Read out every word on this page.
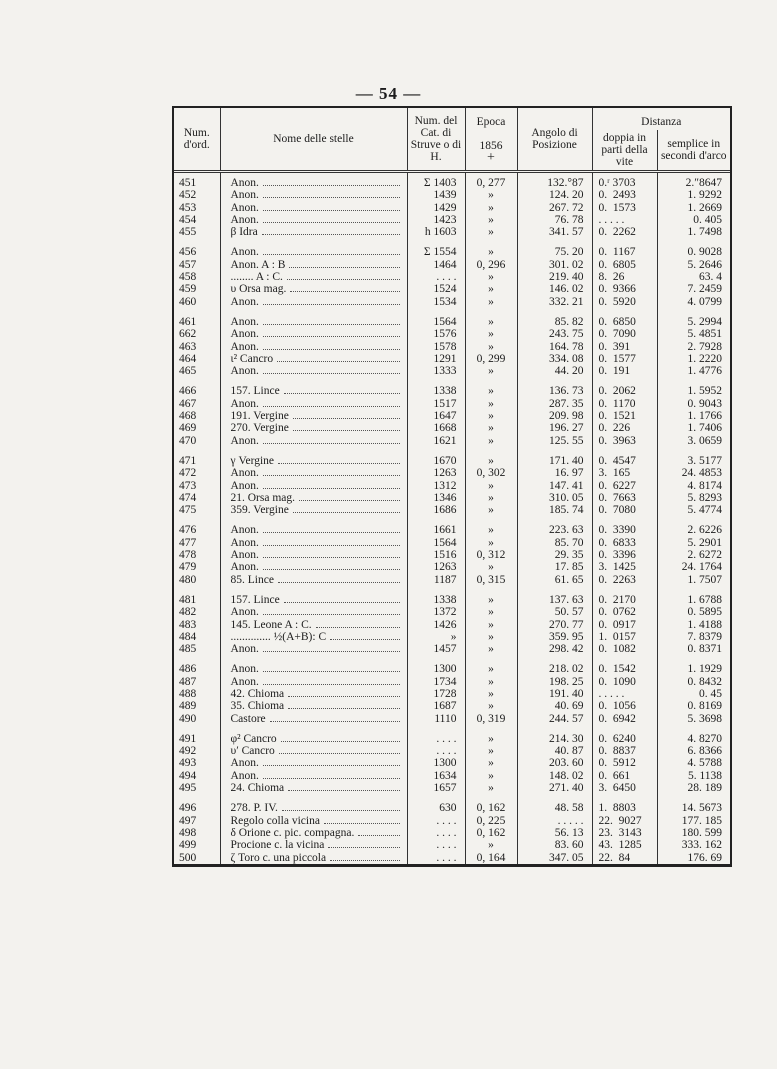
— 54 —
Num. d'ord.	Nome delle stelle	Num. del Cat. di Struve o di H.	Epoca
1856
+	Angolo di Posizione	Distanza	
					doppia in parti della vite	semplice in secondi d'arco
451	Anon.	Σ 1403	0, 277	132.°87	0.ʳ 3703	2.″8647
452	Anon.	1439	»	124. 20	0.  2493	1. 9292
453	Anon.	1429	»	267. 72	0.  1573	1. 2669
454	Anon.	1423	»	76. 78	. . . . .	0. 405
455	β Idra	h 1603	»	341. 57	0.  2262	1. 7498

456	Anon.	Σ 1554	»	75. 20	0.  1167	0. 9028
457	Anon. A : B	1464	0, 296	301. 02	0.  6805	5. 2646
458	........ A : C.	. . . .	»	219. 40	8.  26	63. 4
459	υ Orsa mag.	1524	»	146. 02	0.  9366	7. 2459
460	Anon.	1534	»	332. 21	0.  5920	4. 0799

461	Anon.	1564	»	85. 82	0.  6850	5. 2994
662	Anon.	1576	»	243. 75	0.  7090	5. 4851
463	Anon.	1578	»	164. 78	0.  391	2. 7928
464	ι² Cancro	1291	0, 299	334. 08	0.  1577	1. 2220
465	Anon.	1333	»	44. 20	0.  191	1. 4776

466	157. Lince	1338	»	136. 73	0.  2062	1. 5952
467	Anon.	1517	»	287. 35	0.  1170	0. 9043
468	191. Vergine	1647	»	209. 98	0.  1521	1. 1766
469	270. Vergine	1668	»	196. 27	0.  226	1. 7406
470	Anon.	1621	»	125. 55	0.  3963	3. 0659

471	γ Vergine	1670	»	171. 40	0.  4547	3. 5177
472	Anon.	1263	0, 302	16. 97	3.  165	24. 4853
473	Anon.	1312	»	147. 41	0.  6227	4. 8174
474	21. Orsa mag.	1346	»	310. 05	0.  7663	5. 8293
475	359. Vergine	1686	»	185. 74	0.  7080	5. 4774

476	Anon.	1661	»	223. 63	0.  3390	2. 6226
477	Anon.	1564	»	85. 70	0.  6833	5. 2901
478	Anon.	1516	0, 312	29. 35	0.  3396	2. 6272
479	Anon.	1263	»	17. 85	3.  1425	24. 1764
480	85. Lince	1187	0, 315	61. 65	0.  2263	1. 7507

481	157. Lince	1338	»	137. 63	0.  2170	1. 6788
482	Anon.	1372	»	50. 57	0.  0762	0. 5895
483	145. Leone A : C.	1426	»	270. 77	0.  0917	1. 4188
484	.............. ½(A+B): C	»	»	359. 95	1.  0157	7. 8379
485	Anon.	1457	»	298. 42	0.  1082	0. 8371

486	Anon.	1300	»	218. 02	0.  1542	1. 1929
487	Anon.	1734	»	198. 25	0.  1090	0. 8432
488	42. Chioma	1728	»	191. 40	. . . . .	0. 45
489	35. Chioma	1687	»	40. 69	0.  1056	0. 8169
490	Castore	1110	0, 319	244. 57	0.  6942	5. 3698

491	φ² Cancro	. . . .	»	214. 30	0.  6240	4. 8270
492	υ′ Cancro	. . . .	»	40. 87	0.  8837	6. 8366
493	Anon.	1300	»	203. 60	0.  5912	4. 5788
494	Anon.	1634	»	148. 02	0.  661	5. 1138
495	24. Chioma	1657	»	271. 40	3.  6450	28. 189

496	278. P. IV.	630	0, 162	48. 58	1.  8803	14. 5673
497	Regolo colla vicina	. . . .	0, 225	. . . . .	22.  9027	177. 185
498	δ Orione c. pic. compagna.	. . . .	0, 162	56. 13	23.  3143	180. 599
499	Procione c. la vicina	. . . .	»	83. 60	43.  1285	333. 162
500	ζ Toro c. una piccola	. . . .	0, 164	347. 05	22.  84	176. 69
